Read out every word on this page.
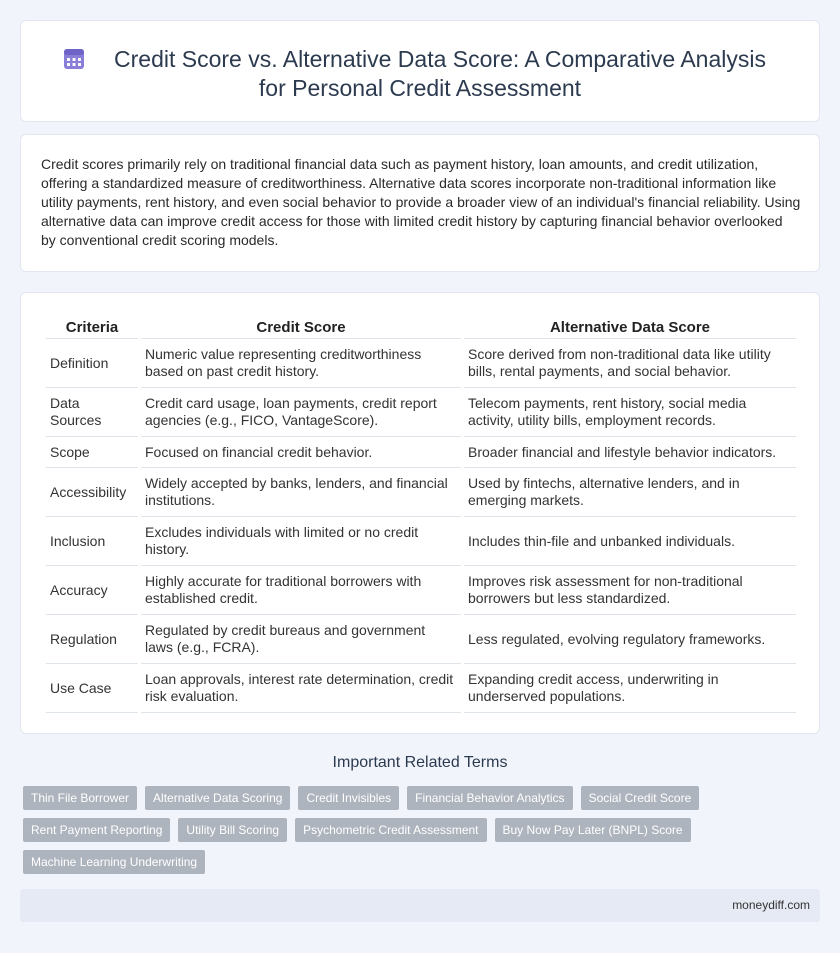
Credit Score vs. Alternative Data Score: A Comparative Analysis
for Personal Credit Assessment

Credit scores primarily rely on traditional financial data such as payment history, loan amounts, and credit utilization, offering a standardized measure of creditworthiness. Alternative data scores incorporate non-traditional information like utility payments, rent history, and even social behavior to provide a broader view of an individual's financial reliability. Using alternative data can improve credit access for those with limited credit history by capturing financial behavior overlooked by conventional credit scoring models.

Criteria	Credit Score	Alternative Data Score
Definition	Numeric value representing creditworthiness based on past credit history.	Score derived from non-traditional data like utility bills, rental payments, and social behavior.
Data Sources	Credit card usage, loan payments, credit report agencies (e.g., FICO, VantageScore).	Telecom payments, rent history, social media activity, utility bills, employment records.
Scope	Focused on financial credit behavior.	Broader financial and lifestyle behavior indicators.
Accessibility	Widely accepted by banks, lenders, and financial institutions.	Used by fintechs, alternative lenders, and in emerging markets.
Inclusion	Excludes individuals with limited or no credit history.	Includes thin-file and unbanked individuals.
Accuracy	Highly accurate for traditional borrowers with established credit.	Improves risk assessment for non-traditional borrowers but less standardized.
Regulation	Regulated by credit bureaus and government laws (e.g., FCRA).	Less regulated, evolving regulatory frameworks.
Use Case	Loan approvals, interest rate determination, credit risk evaluation.	Expanding credit access, underwriting in underserved populations.
Important Related Terms
Thin File Borrower	Alternative Data Scoring	Credit Invisibles	Financial Behavior Analytics	Social Credit Score
Rent Payment Reporting	Utility Bill Scoring	Psychometric Credit Assessment	Buy Now Pay Later (BNPL) Score
Machine Learning Underwriting
moneydiff.com
